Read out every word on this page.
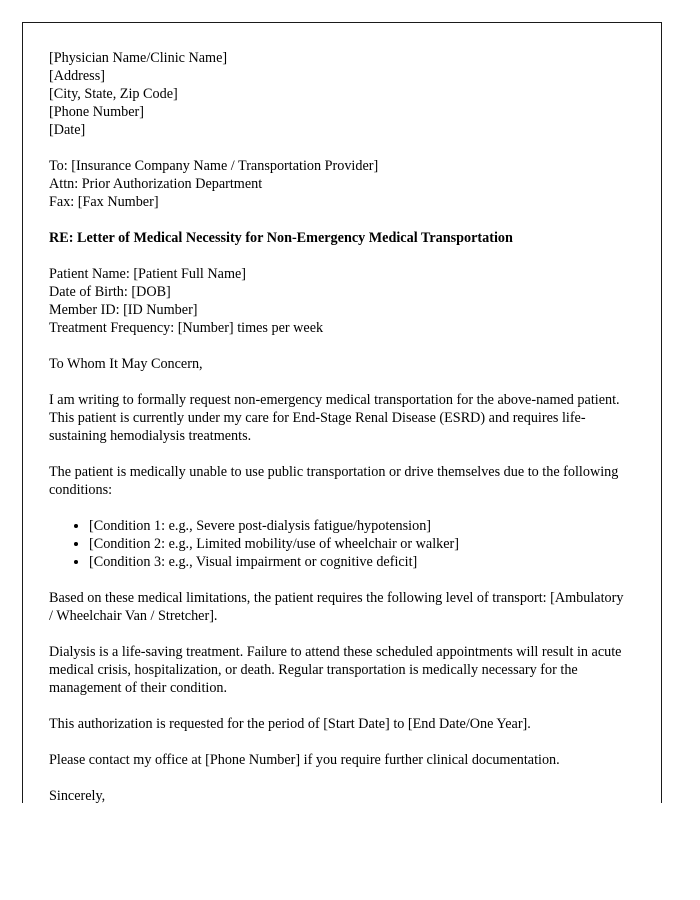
[Physician Name/Clinic Name]
[Address]
[City, State, Zip Code]
[Phone Number]
[Date]
To: [Insurance Company Name / Transportation Provider]
Attn: Prior Authorization Department
Fax: [Fax Number]
RE: Letter of Medical Necessity for Non-Emergency Medical Transportation
Patient Name: [Patient Full Name]
Date of Birth: [DOB]
Member ID: [ID Number]
Treatment Frequency: [Number] times per week
To Whom It May Concern,
I am writing to formally request non-emergency medical transportation for the above-named patient. This patient is currently under my care for End-Stage Renal Disease (ESRD) and requires life-sustaining hemodialysis treatments.
The patient is medically unable to use public transportation or drive themselves due to the following conditions:
• [Condition 1: e.g., Severe post-dialysis fatigue/hypotension]
• [Condition 2: e.g., Limited mobility/use of wheelchair or walker]
• [Condition 3: e.g., Visual impairment or cognitive deficit]
Based on these medical limitations, the patient requires the following level of transport: [Ambulatory / Wheelchair Van / Stretcher].
Dialysis is a life-saving treatment. Failure to attend these scheduled appointments will result in acute medical crisis, hospitalization, or death. Regular transportation is medically necessary for the management of their condition.
This authorization is requested for the period of [Start Date] to [End Date/One Year].
Please contact my office at [Phone Number] if you require further clinical documentation.
Sincerely,
